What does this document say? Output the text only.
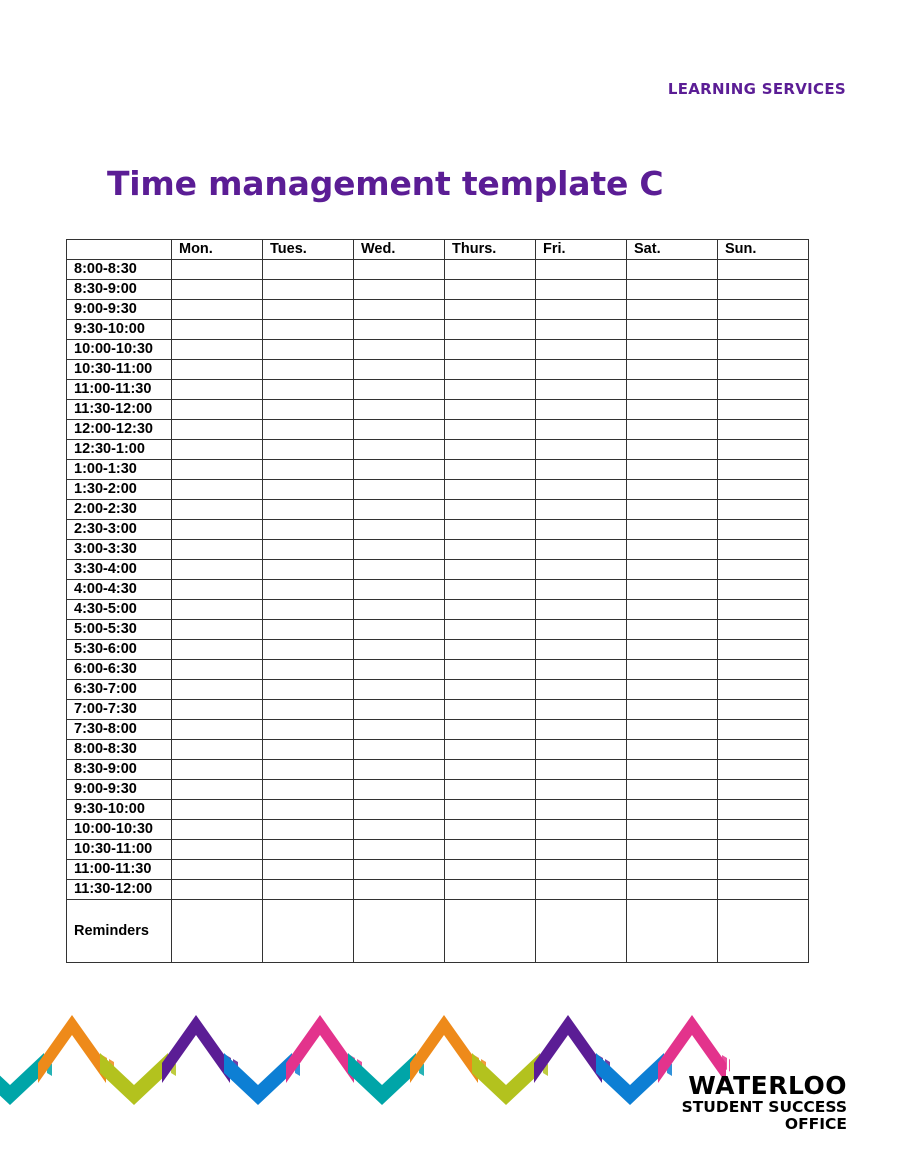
LEARNING SERVICES
Time management template C
	Mon.	Tues.	Wed.	Thurs.	Fri.	Sat.	Sun.
8:00-8:30							
8:30-9:00							
9:00-9:30							
9:30-10:00							
10:00-10:30							
10:30-11:00							
11:00-11:30							
11:30-12:00							
12:00-12:30							
12:30-1:00							
1:00-1:30							
1:30-2:00							
2:00-2:30							
2:30-3:00							
3:00-3:30							
3:30-4:00							
4:00-4:30							
4:30-5:00							
5:00-5:30							
5:30-6:00							
6:00-6:30							
6:30-7:00							
7:00-7:30							
7:30-8:00							
8:00-8:30							
8:30-9:00							
9:00-9:30							
9:30-10:00							
10:00-10:30							
10:30-11:00							
11:00-11:30							
11:30-12:00							
Reminders							
WATERLOO
STUDENT SUCCESS
OFFICE
